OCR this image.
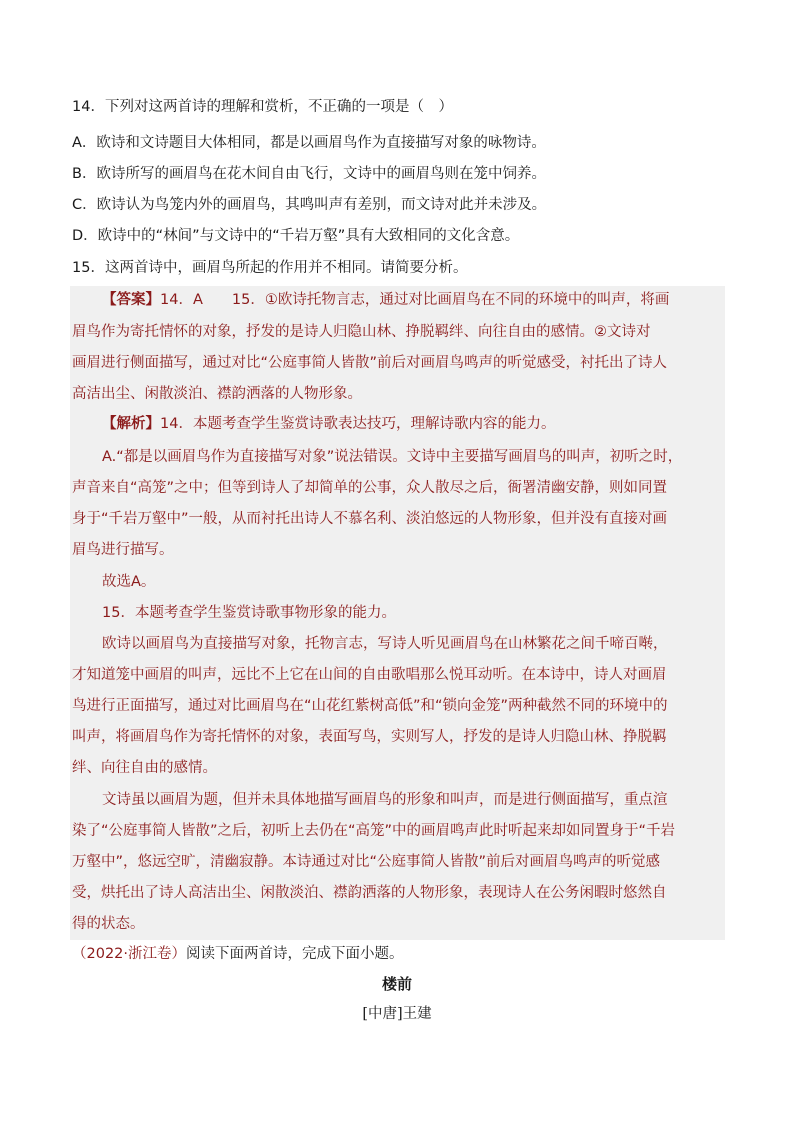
14．下列对这两首诗的理解和赏析，不正确的一项是（　）
A．欧诗和文诗题目大体相同，都是以画眉鸟作为直接描写对象的咏物诗。
B．欧诗所写的画眉鸟在花木间自由飞行，文诗中的画眉鸟则在笼中饲养。
C．欧诗认为鸟笼内外的画眉鸟，其鸣叫声有差别，而文诗对此并未涉及。
D．欧诗中的“林间”与文诗中的“千岩万壑”具有大致相同的文化含意。
15．这两首诗中，画眉鸟所起的作用并不相同。请简要分析。
【答案】14．A　　15．①欧诗托物言志，通过对比画眉鸟在不同的环境中的叫声，将画
眉鸟作为寄托情怀的对象，抒发的是诗人归隐山林、挣脱羁绊、向往自由的感情。②文诗对
画眉进行侧面描写，通过对比“公庭事简人皆散”前后对画眉鸟鸣声的听觉感受，衬托出了诗人
高洁出尘、闲散淡泊、襟韵洒落的人物形象。
【解析】14．本题考查学生鉴赏诗歌表达技巧，理解诗歌内容的能力。
A.“都是以画眉鸟作为直接描写对象”说法错误。文诗中主要描写画眉鸟的叫声，初听之时，
声音来自“高笼”之中；但等到诗人了却简单的公事，众人散尽之后，衙署清幽安静，则如同置
身于“千岩万壑中”一般，从而衬托出诗人不慕名利、淡泊悠远的人物形象，但并没有直接对画
眉鸟进行描写。
故选A。
15．本题考查学生鉴赏诗歌事物形象的能力。
欧诗以画眉鸟为直接描写对象，托物言志，写诗人听见画眉鸟在山林繁花之间千啼百啭，
才知道笼中画眉的叫声，远比不上它在山间的自由歌唱那么悦耳动听。在本诗中，诗人对画眉
鸟进行正面描写，通过对比画眉鸟在“山花红紫树高低”和“锁向金笼”两种截然不同的环境中的
叫声，将画眉鸟作为寄托情怀的对象，表面写鸟，实则写人，抒发的是诗人归隐山林、挣脱羁
绊、向往自由的感情。
文诗虽以画眉为题，但并未具体地描写画眉鸟的形象和叫声，而是进行侧面描写，重点渲
染了“公庭事简人皆散”之后，初听上去仍在“高笼”中的画眉鸣声此时听起来却如同置身于“千岩
万壑中”，悠远空旷，清幽寂静。本诗通过对比“公庭事简人皆散”前后对画眉鸟鸣声的听觉感
受，烘托出了诗人高洁出尘、闲散淡泊、襟韵洒落的人物形象，表现诗人在公务闲暇时悠然自
得的状态。
（2022·浙江卷）阅读下面两首诗，完成下面小题。
楼前
[中唐]王建
